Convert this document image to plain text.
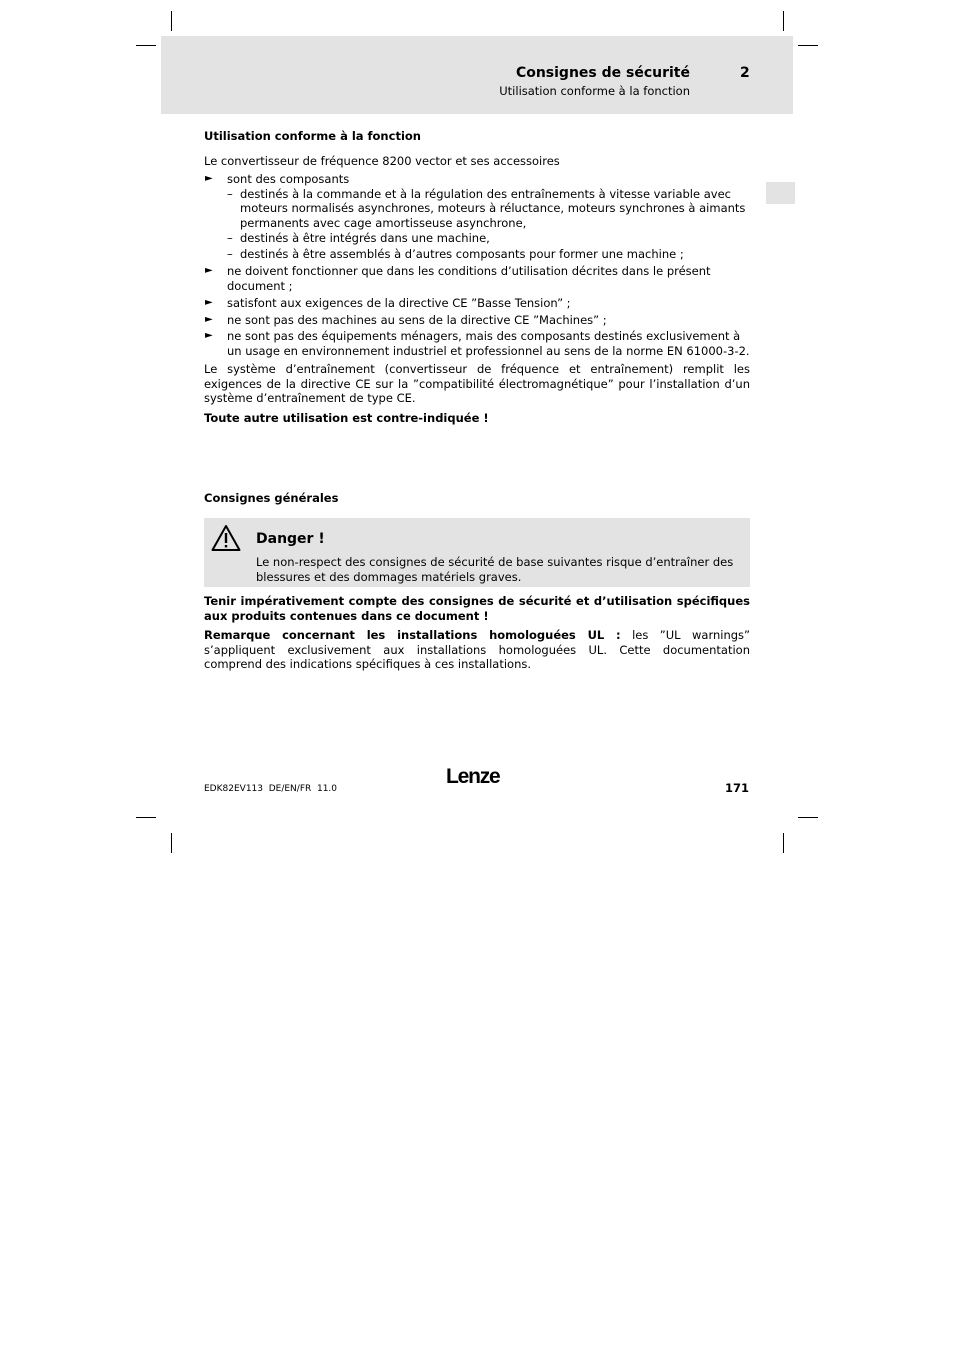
Consignes de sécurité	2
Utilisation conforme à la fonction

Utilisation conforme à la fonction

Le convertisseur de fréquence 8200 vector et ses accessoires

► sont des composants
– destinés à la commande et à la régulation des entraînements à vitesse variable avec moteurs normalisés asynchrones, moteurs à réluctance, moteurs synchrones à aimants permanents avec cage amortisseuse asynchrone,
– destinés à être intégrés dans une machine,
– destinés à être assemblés à d’autres composants pour former une machine ;
► ne doivent fonctionner que dans les conditions d’utilisation décrites dans le présent document ;
► satisfont aux exigences de la directive CE ”Basse Tension” ;
► ne sont pas des machines au sens de la directive CE ”Machines” ;
► ne sont pas des équipements ménagers, mais des composants destinés exclusivement à un usage en environnement industriel et professionnel au sens de la norme EN 61000-3-2.

Le système d’entraînement (convertisseur de fréquence et entraînement) remplit les exigences de la directive CE sur la ”compatibilité électromagnétique” pour l’installation d’un système d’entraînement de type CE.

Toute autre utilisation est contre-indiquée !

Consignes générales

Danger !
Le non-respect des consignes de sécurité de base suivantes risque d’entraîner des blessures et des dommages matériels graves.

Tenir impérativement compte des consignes de sécurité et d’utilisation spécifiques aux produits contenues dans ce document !

Remarque concernant les installations homologuées UL : les ”UL warnings” s’appliquent exclusivement aux installations homologuées UL. Cette documentation comprend des indications spécifiques à ces installations.

EDK82EV113  DE/EN/FR  11.0
Lenze	171
